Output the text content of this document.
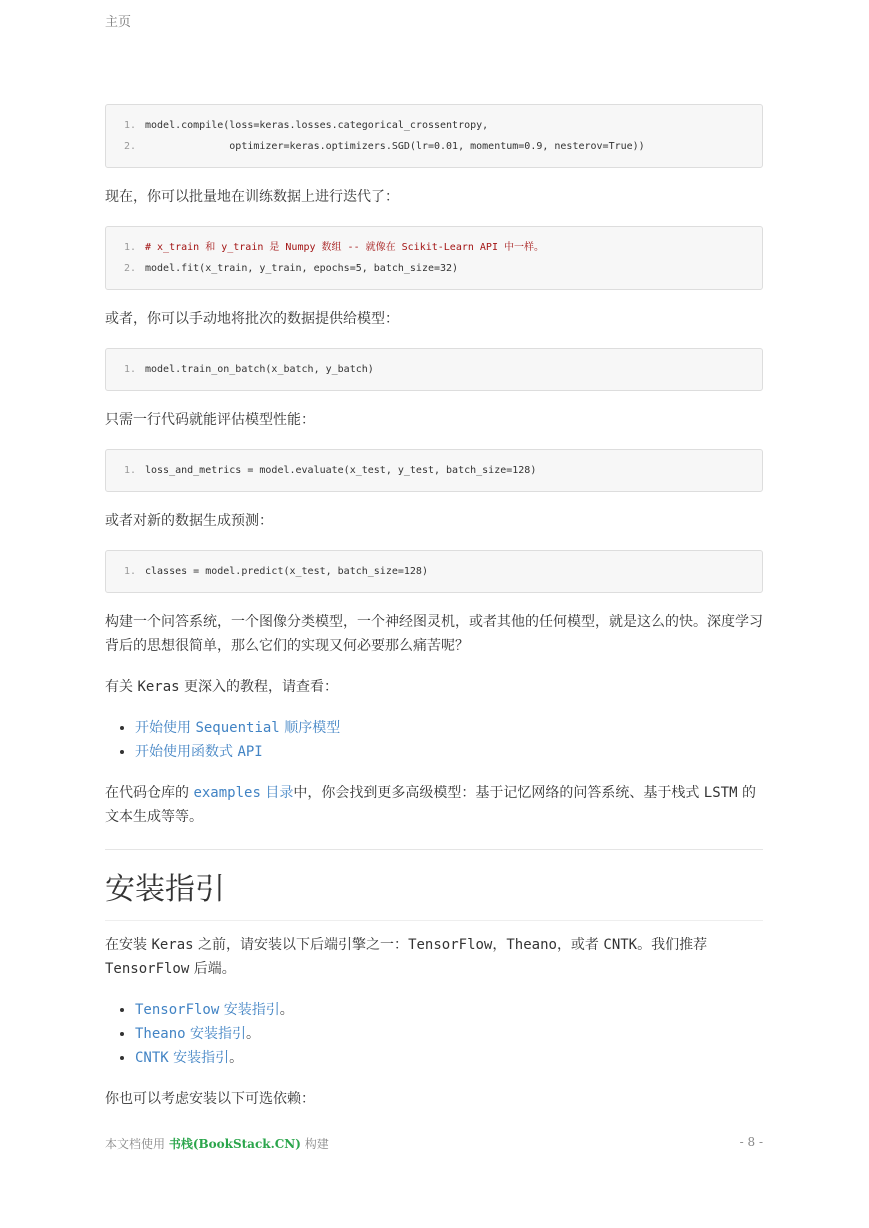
主页
1. model.compile(loss=keras.losses.categorical_crossentropy,
2. optimizer=keras.optimizers.SGD(lr=0.01, momentum=0.9, nesterov=True))

现在，你可以批量地在训练数据上进行迭代了：

1. # x_train 和 y_train 是 Numpy 数组 -- 就像在 Scikit-Learn API 中一样。
2. model.fit(x_train, y_train, epochs=5, batch_size=32)

或者，你可以手动地将批次的数据提供给模型：

1. model.train_on_batch(x_batch, y_batch)

只需一行代码就能评估模型性能：

1. loss_and_metrics = model.evaluate(x_test, y_test, batch_size=128)

或者对新的数据生成预测：

1. classes = model.predict(x_test, batch_size=128)

构建一个问答系统，一个图像分类模型，一个神经图灵机，或者其他的任何模型，就是这么的快。深度学习背后的思想很简单，那么它们的实现又何必要那么痛苦呢？

有关 Keras 更深入的教程，请查看：

• 开始使用 Sequential 顺序模型
• 开始使用函数式 API

在代码仓库的 examples 目录中，你会找到更多高级模型：基于记忆网络的问答系统、基于栈式 LSTM 的文本生成等等。

安装指引

在安装 Keras 之前，请安装以下后端引擎之一：TensorFlow，Theano，或者 CNTK。我们推荐 TensorFlow 后端。

• TensorFlow 安装指引。
• Theano 安装指引。
• CNTK 安装指引。

你也可以考虑安装以下可选依赖：

本文档使用 书栈(BookStack.CN) 构建	- 8 -
